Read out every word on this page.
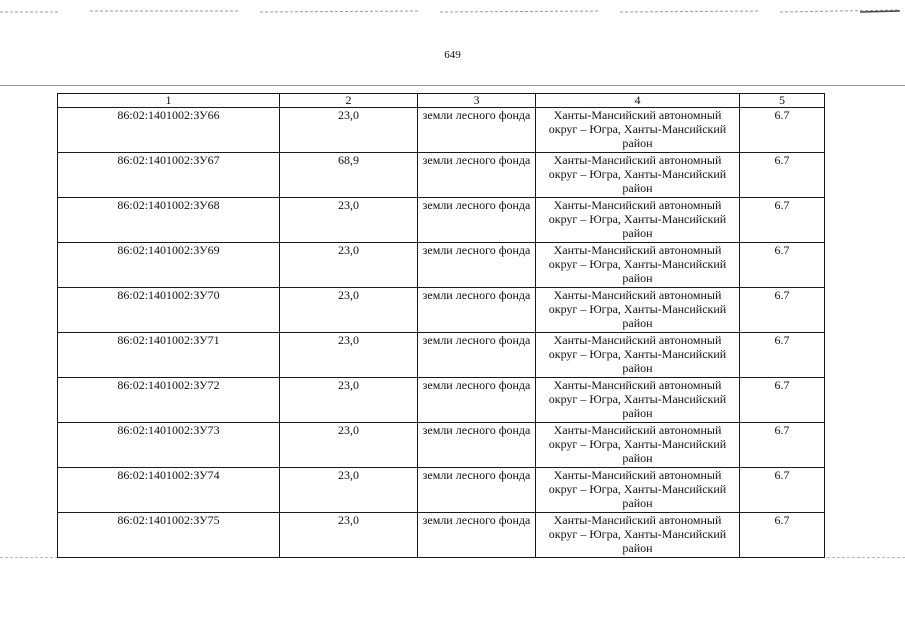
649
1	2	3	4	5
86:02:1401002:ЗУ66	23,0	земли лесного фонда	Ханты-Мансийский автономный округ – Югра, Ханты-Мансийский район	6.7
86:02:1401002:ЗУ67	68,9	земли лесного фонда	Ханты-Мансийский автономный округ – Югра, Ханты-Мансийский район	6.7
86:02:1401002:ЗУ68	23,0	земли лесного фонда	Ханты-Мансийский автономный округ – Югра, Ханты-Мансийский район	6.7
86:02:1401002:ЗУ69	23,0	земли лесного фонда	Ханты-Мансийский автономный округ – Югра, Ханты-Мансийский район	6.7
86:02:1401002:ЗУ70	23,0	земли лесного фонда	Ханты-Мансийский автономный округ – Югра, Ханты-Мансийский район	6.7
86:02:1401002:ЗУ71	23,0	земли лесного фонда	Ханты-Мансийский автономный округ – Югра, Ханты-Мансийский район	6.7
86:02:1401002:ЗУ72	23,0	земли лесного фонда	Ханты-Мансийский автономный округ – Югра, Ханты-Мансийский район	6.7
86:02:1401002:ЗУ73	23,0	земли лесного фонда	Ханты-Мансийский автономный округ – Югра, Ханты-Мансийский район	6.7
86:02:1401002:ЗУ74	23,0	земли лесного фонда	Ханты-Мансийский автономный округ – Югра, Ханты-Мансийский район	6.7
86:02:1401002:ЗУ75	23,0	земли лесного фонда	Ханты-Мансийский автономный округ – Югра, Ханты-Мансийский район	6.7
